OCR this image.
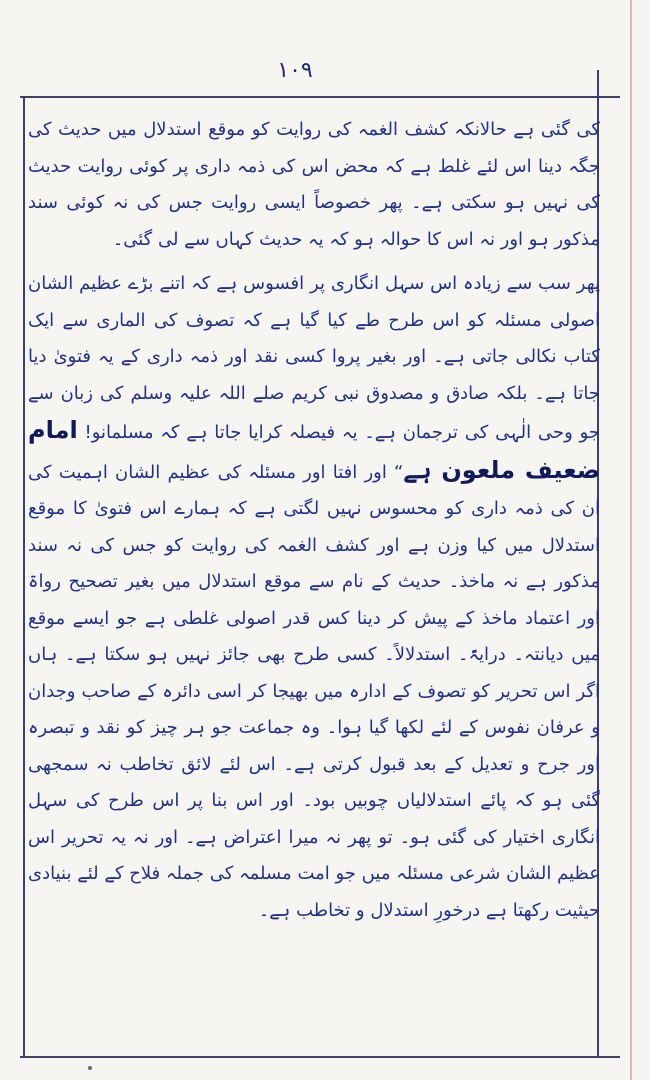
۱۰۹

کی گئی ہے حالانکہ کشف الغمہ کی روایت کو موقع استدلال میں حدیث کی جگہ دینا اس لئے غلط ہے کہ محض اس کی ذمہ داری پر کوئی روایت حدیث کی نہیں ہو سکتی ہے۔ پھر خصوصاً ایسی روایت جس کی نہ کوئی سند مذکور ہو اور نہ اس کا حوالہ ہو کہ یہ حدیث کہاں سے لی گئی۔

پھر سب سے زیادہ اس سہل انگاری پر افسوس ہے کہ اتنے بڑے عظیم الشان اصولی مسئلہ کو اس طرح طے کیا گیا ہے کہ تصوف کی الماری سے ایک کتاب نکالی جاتی ہے۔ اور بغیر پروا کسی نقد اور ذمہ داری کے یہ فتویٰ دیا جاتا ہے۔ بلکہ صادق و مصدوق نبی کریم صلے اللہ علیہ وسلم کی زبان سے جو وحی الٰہی کی ترجمان ہے۔ یہ فیصلہ کرایا جاتا ہے کہ مسلمانو! امام ضعیف ملعون ہے“ اور افتا اور مسئلہ کی عظیم الشان اہمیت کی ان کی ذمہ داری کو محسوس نہیں لگتی ہے کہ ہمارے اس فتویٰ کا موقع استدلال میں کیا وزن ہے اور کشف الغمہ کی روایت کو جس کی نہ سند مذکور ہے نہ ماخذ۔ حدیث کے نام سے موقع استدلال میں بغیر تصحیح رواۃ اور اعتماد ماخذ کے پیش کر دینا کس قدر اصولی غلطی ہے جو ایسے موقع میں دیانتہ۔ درایۃً۔ استدلالاً۔ کسی طرح بھی جائز نہیں ہو سکتا ہے۔ ہاں اگر اس تحریر کو تصوف کے ادارہ میں بھیجا کر اسی دائرہ کے صاحب وجدان و عرفان نفوس کے لئے لکھا گیا ہوا۔ وہ جماعت جو ہر چیز کو نقد و تبصرہ اور جرح و تعدیل کے بعد قبول کرتی ہے۔ اس لئے لائق تخاطب نہ سمجھی گئی ہو کہ پائے استدلالیاں چوبیں بود۔ اور اس بنا پر اس طرح کی سہل انگاری اختیار کی گئی ہو۔ تو پھر نہ میرا اعتراض ہے۔ اور نہ یہ تحریر اس عظیم الشان شرعی مسئلہ میں جو امت مسلمہ کی جملہ فلاح کے لئے بنیادی حیثیت رکھتا ہے درخورِ استدلال و تخاطب ہے۔
